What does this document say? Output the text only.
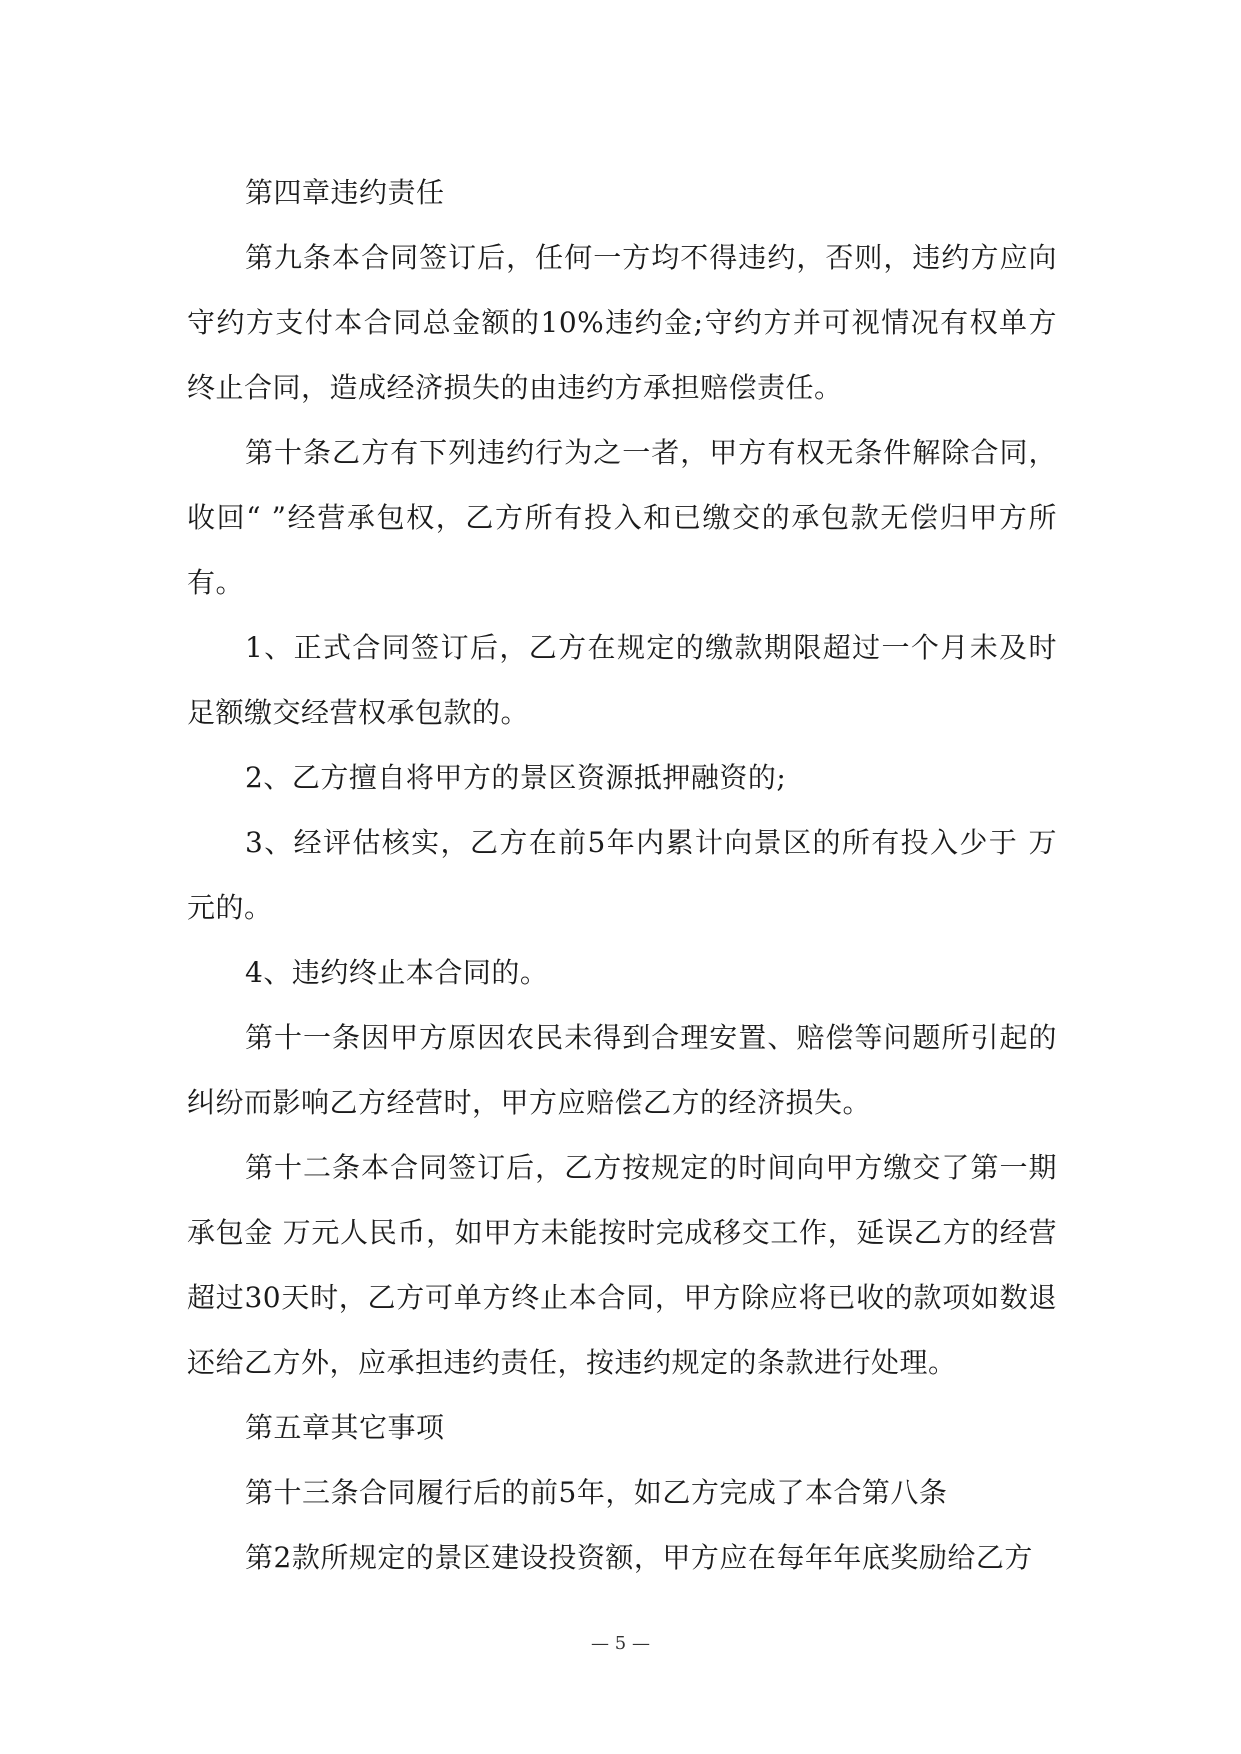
第四章违约责任

第九条本合同签订后，任何一方均不得违约，否则，违约方应向守约方支付本合同总金额的10%违约金;守约方并可视情况有权单方终止合同，造成经济损失的由违约方承担赔偿责任。

第十条乙方有下列违约行为之一者，甲方有权无条件解除合同，收回“ ”经营承包权，乙方所有投入和已缴交的承包款无偿归甲方所有。

1、正式合同签订后，乙方在规定的缴款期限超过一个月未及时足额缴交经营权承包款的。

2、乙方擅自将甲方的景区资源抵押融资的;

3、经评估核实，乙方在前5年内累计向景区的所有投入少于 万元的。

4、违约终止本合同的。

第十一条因甲方原因农民未得到合理安置、赔偿等问题所引起的纠纷而影响乙方经营时，甲方应赔偿乙方的经济损失。

第十二条本合同签订后，乙方按规定的时间向甲方缴交了第一期承包金 万元人民币，如甲方未能按时完成移交工作，延误乙方的经营超过30天时，乙方可单方终止本合同，甲方除应将已收的款项如数退还给乙方外，应承担违约责任，按违约规定的条款进行处理。

第五章其它事项

第十三条合同履行后的前5年，如乙方完成了本合第八条

第2款所规定的景区建设投资额，甲方应在每年年底奖励给乙方

— 5 —
